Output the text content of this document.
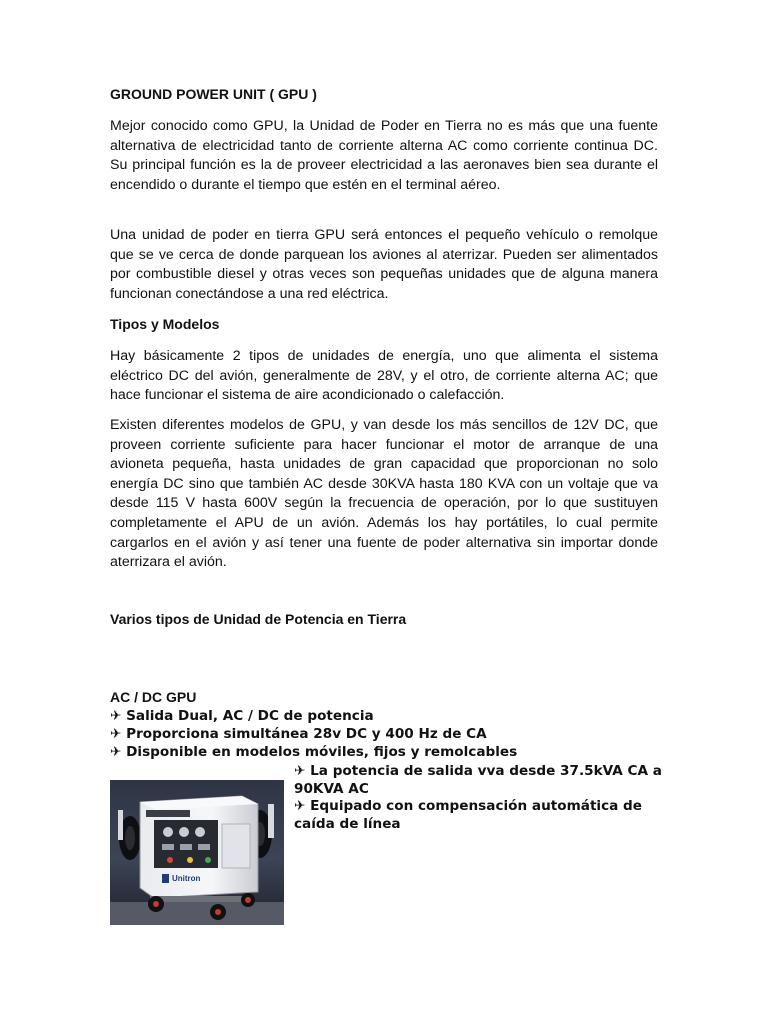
GROUND POWER UNIT ( GPU )

Mejor conocido como GPU, la Unidad de Poder en Tierra no es más que una fuente alternativa de electricidad tanto de corriente alterna AC como corriente continua DC. Su principal función es la de proveer electricidad a las aeronaves bien sea durante el encendido o durante el tiempo que estén en el terminal aéreo.

Una unidad de poder en tierra GPU será entonces el pequeño vehículo o remolque que se ve cerca de donde parquean los aviones al aterrizar. Pueden ser alimentados por combustible diesel y otras veces son pequeñas unidades que de alguna manera funcionan conectándose a una red eléctrica.

Tipos y Modelos

Hay básicamente 2 tipos de unidades de energía, uno que alimenta el sistema eléctrico DC del avión, generalmente de 28V, y el otro, de corriente alterna AC; que hace funcionar el sistema de aire acondicionado o calefacción.

Existen diferentes modelos de GPU, y van desde los más sencillos de 12V DC, que proveen corriente suficiente para hacer funcionar el motor de arranque de una avioneta pequeña, hasta unidades de gran capacidad que proporcionan no solo energía DC sino que también AC desde 30KVA hasta 180 KVA con un voltaje que va desde 115 V hasta 600V según la frecuencia de operación, por lo que sustituyen completamente el APU de un avión. Además los hay portátiles, lo cual permite cargarlos en el avión y así tener una fuente de poder alternativa sin importar donde aterrizara el avión.

Varios tipos de Unidad de Potencia en Tierra

AC / DC GPU

✈ Salida Dual, AC / DC de potencia

✈ Proporciona simultánea 28v DC y 400 Hz de CA

✈ Disponible en modelos móviles, fijos y remolcables

✈ La potencia de salida vva desde 37.5kVA CA a 90KVA AC

✈ Equipado con compensación automática de caída de línea

Unitron
